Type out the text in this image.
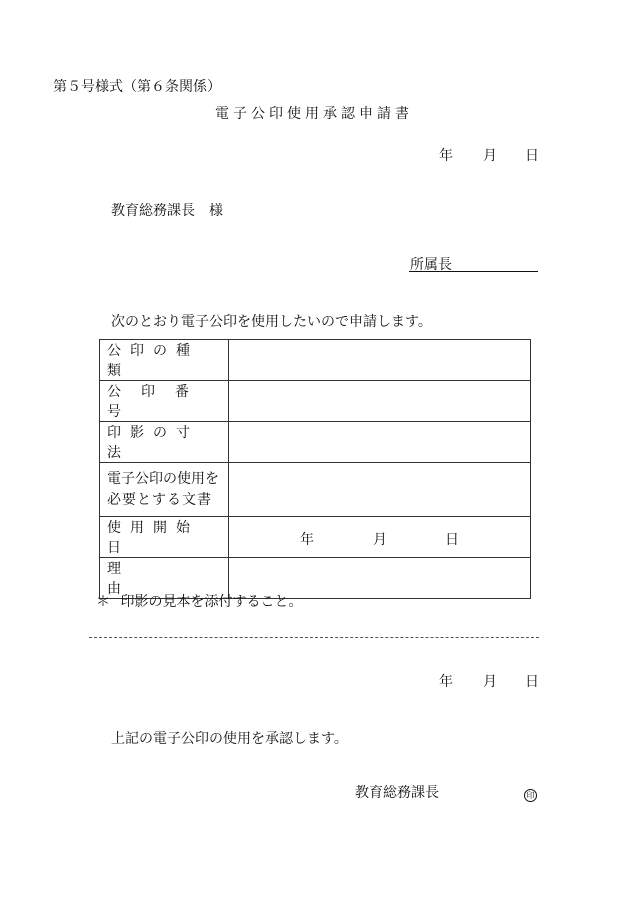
第５号様式（第６条関係）
電子公印使用承認申請書
年 月 日
教育総務課長　様
所属長
次のとおり電子公印を使用したいので申請します。
公印の種類	

公印番号	

印影の寸法	

電子公印の使用を
必要とする文書	

使用開始日	年 月 日

理由	

＊ 印影の見本を添付すること。
年 月 日
上記の電子公印の使用を承認します。
教育総務課長	印
